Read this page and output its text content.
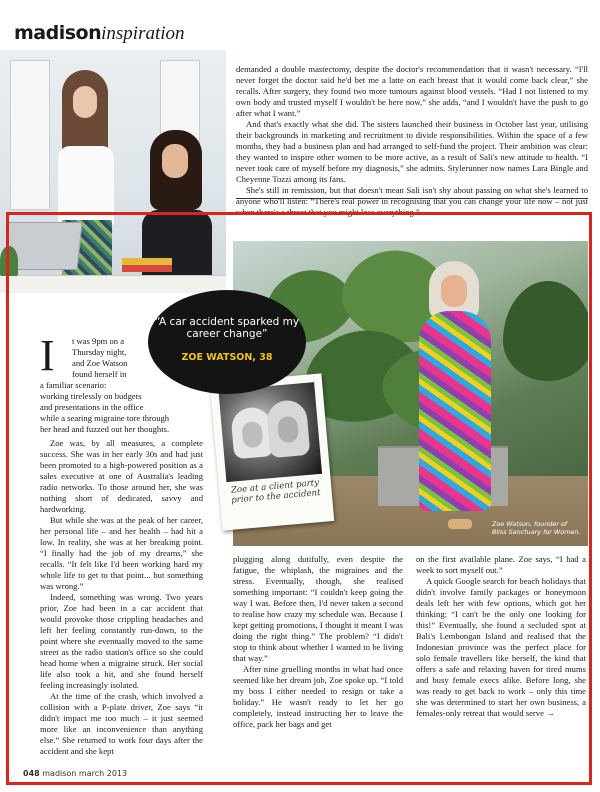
madisoninspiration

demanded a double mastectomy, despite the doctor's recommendation that it wasn't necessary. “I'll never forget the doctor said he'd bet me a latte on each breast that it would come back clear,” she recalls. After surgery, they found two more tumours against blood vessels. “Had I not listened to my own body and trusted myself I wouldn't be here now,” she adds, “and I wouldn't have the push to go after what I want.”

And that's exactly what she did. The sisters launched their business in October last year, utilising their backgrounds in marketing and recruitment to divide responsibilities. Within the space of a few months, they had a business plan and had arranged to self-fund the project. Their ambition was clear: they wanted to inspire other women to be more active, as a result of Sali's new attitude to health. “I never took care of myself before my diagnosis,” she admits. Stylerunner now names Lara Bingle and Cheyenne Tozzi among its fans.

She's still in remission, but that doesn't mean Sali isn't shy about passing on what she's learned to anyone who'll listen: “There's real power in recognising that you can change your life now – not just when there's a threat that you might lose everything.”

048 madison march 2013
Zoe Watson, founder of
Bliss Sanctuary for Women.
Zoe at a client party prior to the accident
“A car accident sparked my career change”
ZOE WATSON, 38
I t was 9pm on a
Thursday night,
and Zoe Watson
found herself in
a familiar scenario:
working tirelessly on budgets
and presentations in the office
while a searing migraine tore through
her head and fuzzed out her thoughts.

Zoe was, by all measures, a complete success. She was in her early 30s and had just been promoted to a high-powered position as a sales executive at one of Australia's leading radio networks. To those around her, she was nothing short of dedicated, savvy and hardworking.

But while she was at the peak of her career, her personal life – and her health – had hit a low. In reality, she was at her breaking point. “I finally had the job of my dreams,” she recalls. “It felt like I'd been working hard my whole life to get to that point... but something was wrong.”

Indeed, something was wrong. Two years prior, Zoe had been in a car accident that would provoke those crippling headaches and left her feeling constantly run-down, to the point where she eventually moved to the same street as the radio station's office so she could head home when a migraine struck. Her social life also took a hit, and she found herself feeling increasingly isolated.

At the time of the crash, which involved a collision with a P-plate driver, Zoe says “it didn't impact me too much – it just seemed more like an inconvenience than anything else.” She returned to work four days after the accident and she kept

plugging along dutifully, even despite the fatigue, the whiplash, the migraines and the stress. Eventually, though, she realised something important: “I couldn't keep going the way I was. Before then, I'd never taken a second to realise how crazy my schedule was. Because I kept getting promotions, I thought it meant I was doing the right thing.” The problem? “I didn't stop to think about whether I wanted to be living that way.”

After nine gruelling months in what had once seemed like her dream job, Zoe spoke up. “I told my boss I either needed to resign or take a holiday.” He wasn't ready to let her go completely, instead instructing her to leave the office, pack her bags and get

on the first available plane. Zoe says, “I had a week to sort myself out.”

A quick Google search for beach holidays that didn't involve family packages or honeymoon deals left her with few options, which got her thinking: “I can't be the only one looking for this!” Eventually, she found a secluded spot at Bali's Lembongan Island and realised that the Indonesian province was the perfect place for solo female travellers like herself, the kind that offers a safe and relaxing haven for tired mums and busy female execs alike. Before long, she was ready to get back to work – only this time she was determined to start her own business, a females-only retreat that would serve →
